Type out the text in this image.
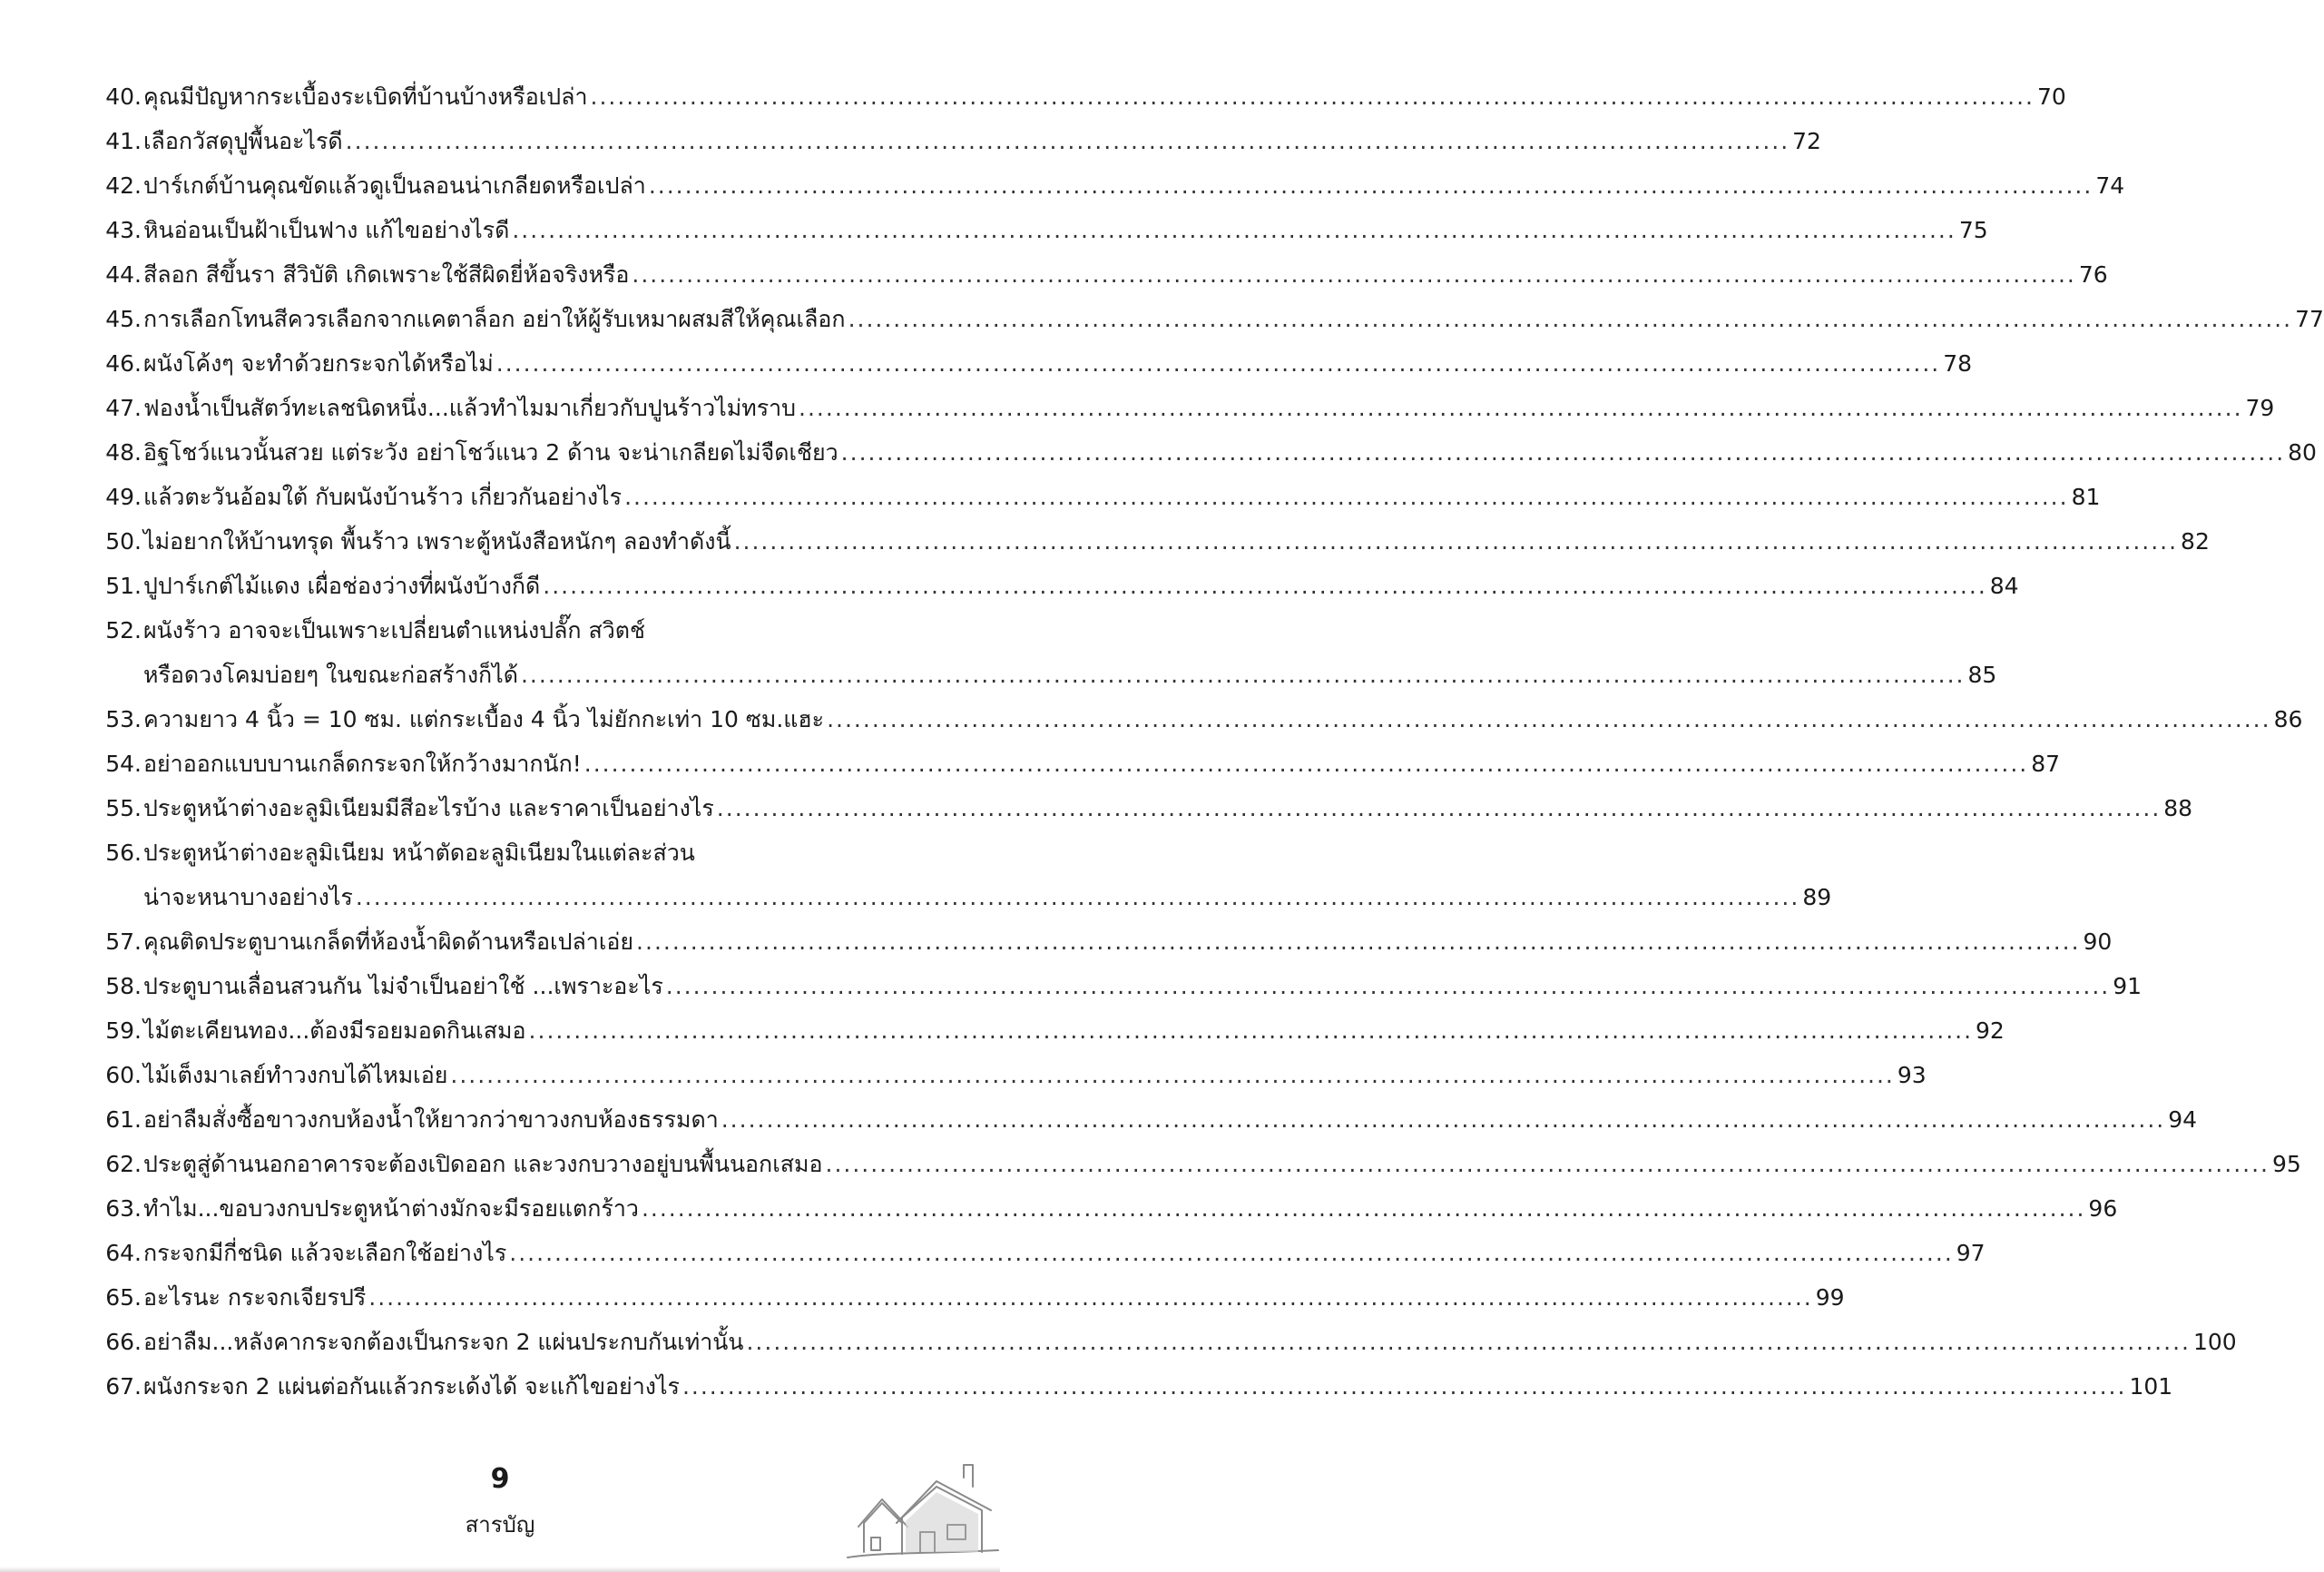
40. คุณมีปัญหากระเบื้องระเบิดที่บ้านบ้างหรือเปล่า ................................................................................................................................................................ 70
41. เลือกวัสดุปูพื้นอะไรดี ................................................................................................................................................................ 72
42. ปาร์เกต์บ้านคุณขัดแล้วดูเป็นลอนน่าเกลียดหรือเปล่า ................................................................................................................................................................ 74
43. หินอ่อนเป็นฝ้าเป็นฟาง แก้ไขอย่างไรดี ................................................................................................................................................................ 75
44. สีลอก สีขึ้นรา สีวิบัติ เกิดเพราะใช้สีผิดยี่ห้อจริงหรือ ................................................................................................................................................................ 76
45. การเลือกโทนสีควรเลือกจากแคตาล็อก อย่าให้ผู้รับเหมาผสมสีให้คุณเลือก ................................................................................................................................................................ 77
46. ผนังโค้งๆ จะทำด้วยกระจกได้หรือไม่ ................................................................................................................................................................ 78
47. ฟองน้ำเป็นสัตว์ทะเลชนิดหนึ่ง...แล้วทำไมมาเกี่ยวกับปูนร้าวไม่ทราบ ................................................................................................................................................................ 79
48. อิฐโชว์แนวนั้นสวย แต่ระวัง อย่าโชว์แนว 2 ด้าน จะน่าเกลียดไม่จืดเชียว ................................................................................................................................................................ 80
49. แล้วตะวันอ้อมใต้ กับผนังบ้านร้าว เกี่ยวกันอย่างไร ................................................................................................................................................................ 81
50. ไม่อยากให้บ้านทรุด พื้นร้าว เพราะตู้หนังสือหนักๆ ลองทำดังนี้ ................................................................................................................................................................ 82
51. ปูปาร์เกต์ไม้แดง เผื่อช่องว่างที่ผนังบ้างก็ดี ................................................................................................................................................................ 84
52. ผนังร้าว อาจจะเป็นเพราะเปลี่ยนตำแหน่งปลั๊ก สวิตช์
หรือดวงโคมบ่อยๆ ในขณะก่อสร้างก็ได้ ................................................................................................................................................................ 85
53. ความยาว 4 นิ้ว = 10 ซม. แต่กระเบื้อง 4 นิ้ว ไม่ยักกะเท่า 10 ซม.แฮะ ................................................................................................................................................................ 86
54. อย่าออกแบบบานเกล็ดกระจกให้กว้างมากนัก! ................................................................................................................................................................ 87
55. ประตูหน้าต่างอะลูมิเนียมมีสีอะไรบ้าง และราคาเป็นอย่างไร ................................................................................................................................................................ 88
56. ประตูหน้าต่างอะลูมิเนียม หน้าตัดอะลูมิเนียมในแต่ละส่วน
น่าจะหนาบางอย่างไร ................................................................................................................................................................ 89
57. คุณติดประตูบานเกล็ดที่ห้องน้ำผิดด้านหรือเปล่าเอ่ย ................................................................................................................................................................ 90
58. ประตูบานเลื่อนสวนกัน ไม่จำเป็นอย่าใช้ ...เพราะอะไร ................................................................................................................................................................ 91
59. ไม้ตะเคียนทอง...ต้องมีรอยมอดกินเสมอ ................................................................................................................................................................ 92
60. ไม้เต็งมาเลย์ทำวงกบได้ไหมเอ่ย ................................................................................................................................................................ 93
61. อย่าลืมสั่งซื้อขาวงกบห้องน้ำให้ยาวกว่าขาวงกบห้องธรรมดา ................................................................................................................................................................ 94
62. ประตูสู่ด้านนอกอาคารจะต้องเปิดออก และวงกบวางอยู่บนพื้นนอกเสมอ ................................................................................................................................................................ 95
63. ทำไม...ขอบวงกบประตูหน้าต่างมักจะมีรอยแตกร้าว ................................................................................................................................................................ 96
64. กระจกมีกี่ชนิด แล้วจะเลือกใช้อย่างไร ................................................................................................................................................................ 97
65. อะไรนะ กระจกเจียรปรี ................................................................................................................................................................ 99
66. อย่าลืม...หลังคากระจกต้องเป็นกระจก 2 แผ่นประกบกันเท่านั้น ................................................................................................................................................................ 100
67. ผนังกระจก 2 แผ่นต่อกันแล้วกระเด้งได้ จะแก้ไขอย่างไร ................................................................................................................................................................ 101
9
สารบัญ
